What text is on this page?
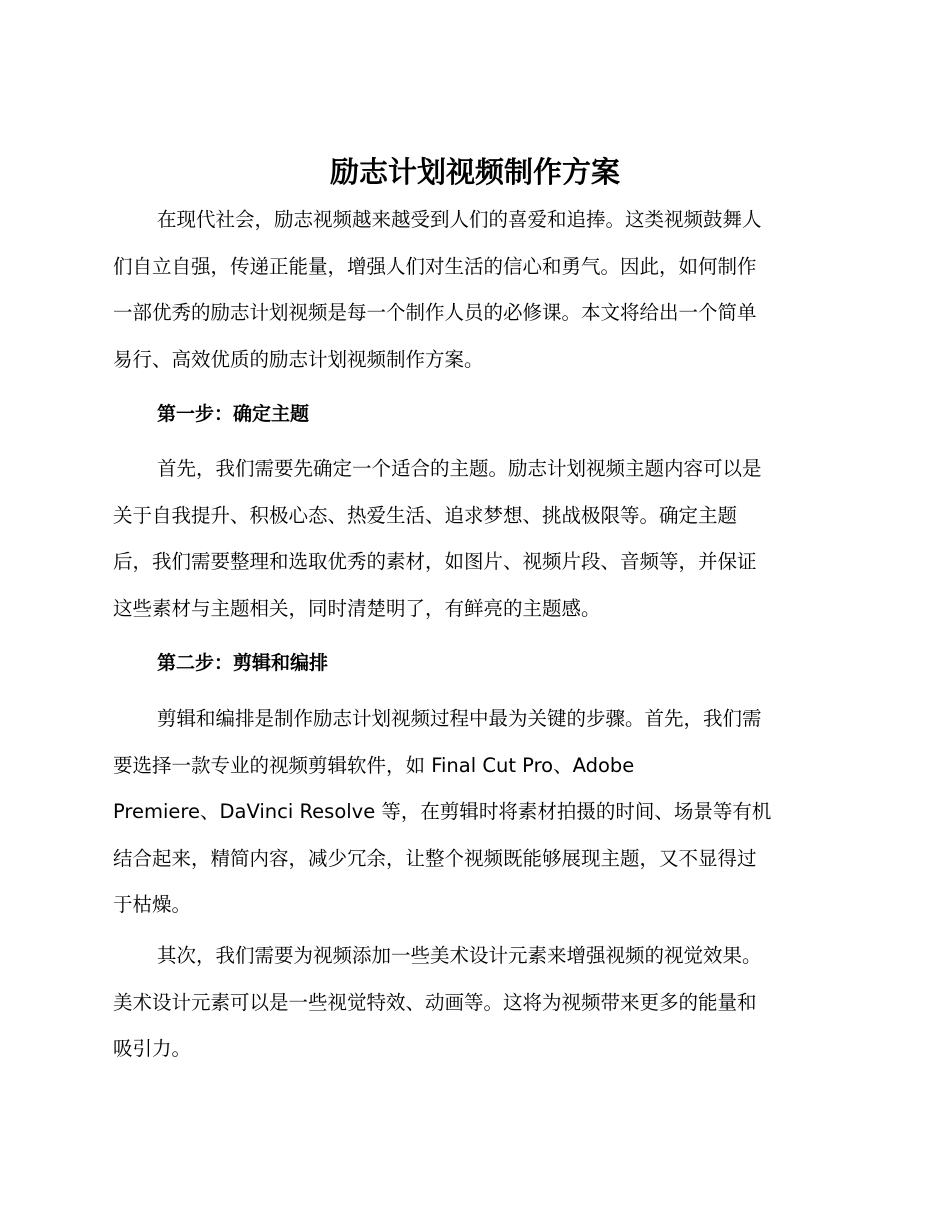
励志计划视频制作方案
在现代社会，励志视频越来越受到人们的喜爱和追捧。这类视频鼓舞人
们自立自强，传递正能量，增强人们对生活的信心和勇气。因此，如何制作
一部优秀的励志计划视频是每一个制作人员的必修课。本文将给出一个简单
易行、高效优质的励志计划视频制作方案。
第一步：确定主题
首先，我们需要先确定一个适合的主题。励志计划视频主题内容可以是
关于自我提升、积极心态、热爱生活、追求梦想、挑战极限等。确定主题
后，我们需要整理和选取优秀的素材，如图片、视频片段、音频等，并保证
这些素材与主题相关，同时清楚明了，有鲜亮的主题感。
第二步：剪辑和编排
剪辑和编排是制作励志计划视频过程中最为关键的步骤。首先，我们需
要选择一款专业的视频剪辑软件，如 Final Cut Pro、Adobe
Premiere、DaVinci Resolve 等，在剪辑时将素材拍摄的时间、场景等有机
结合起来，精简内容，减少冗余，让整个视频既能够展现主题，又不显得过
于枯燥。
其次，我们需要为视频添加一些美术设计元素来增强视频的视觉效果。
美术设计元素可以是一些视觉特效、动画等。这将为视频带来更多的能量和
吸引力。
